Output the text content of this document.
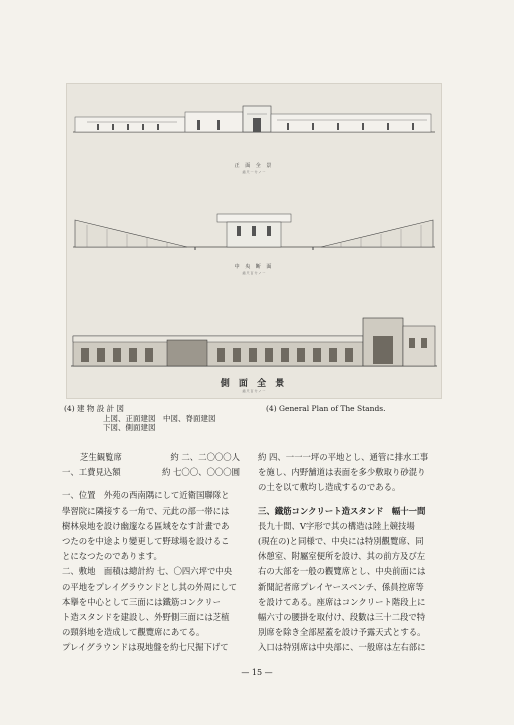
正 面 全 景
縮 尺 一 分 ノ 一
中 央 断 面
縮 尺 百 分 ノ 一
側 面 全 景
縮 尺 百 分 ノ 一
(4) 建 物 設 計 図
上図、正面建図　中図、脊面建図
下図、側面建図
(4) General Plan of The Stands.

芝生観覧席	約 二、二〇〇〇人

一、工費見込額	約 七〇〇、〇〇〇圓

一、位置　外苑の西南隅にして近衛国聯隊と

學習院に隣接する一角で、元此の部一帯には

樹林泉地を設け幽邃なる區域をなす計畫であ

つたのを中途より變更して野球場を設けるこ

とになつたのであります。

二、敷地　面積は總計約 七、〇四六坪で中央

の平地をプレイグラウンドとし其の外周にして

本擧を中心として三面には鐵筋コンクリー

ト造スタンドを建設し、外野側三面には芝植

の頸斜地を造成して觀覽席にあてる。

プレイグラウンドは現地盤を約七尺掘下げて

約 四、一一一坪の平地とし、通管に排水工事

を施し、内野舗道は表面を多少敷取り砂混り

の土を以て敷均し造成するのである。

三、鐵筋コンクリート造スタンド　幅十一間

長九十間、V字形で其の構造は陸上競技場

(現在の)と同様で、中央には特別觀覽席、同

休憩室、附屬室便所を設け、其の前方及び左

右の大部を一般の觀覽席とし、中央前面には

新聞記者席プレイヤースベンチ、係員控席等

を設けてある。座席はコンクリート階段上に

幅六寸の腰掛を取付け、段數は三十二段で特

別席を除き全部屋蓋を設け予露天式とする。

入口は特別席は中央部に、一般席は左右部に

— 15 —
